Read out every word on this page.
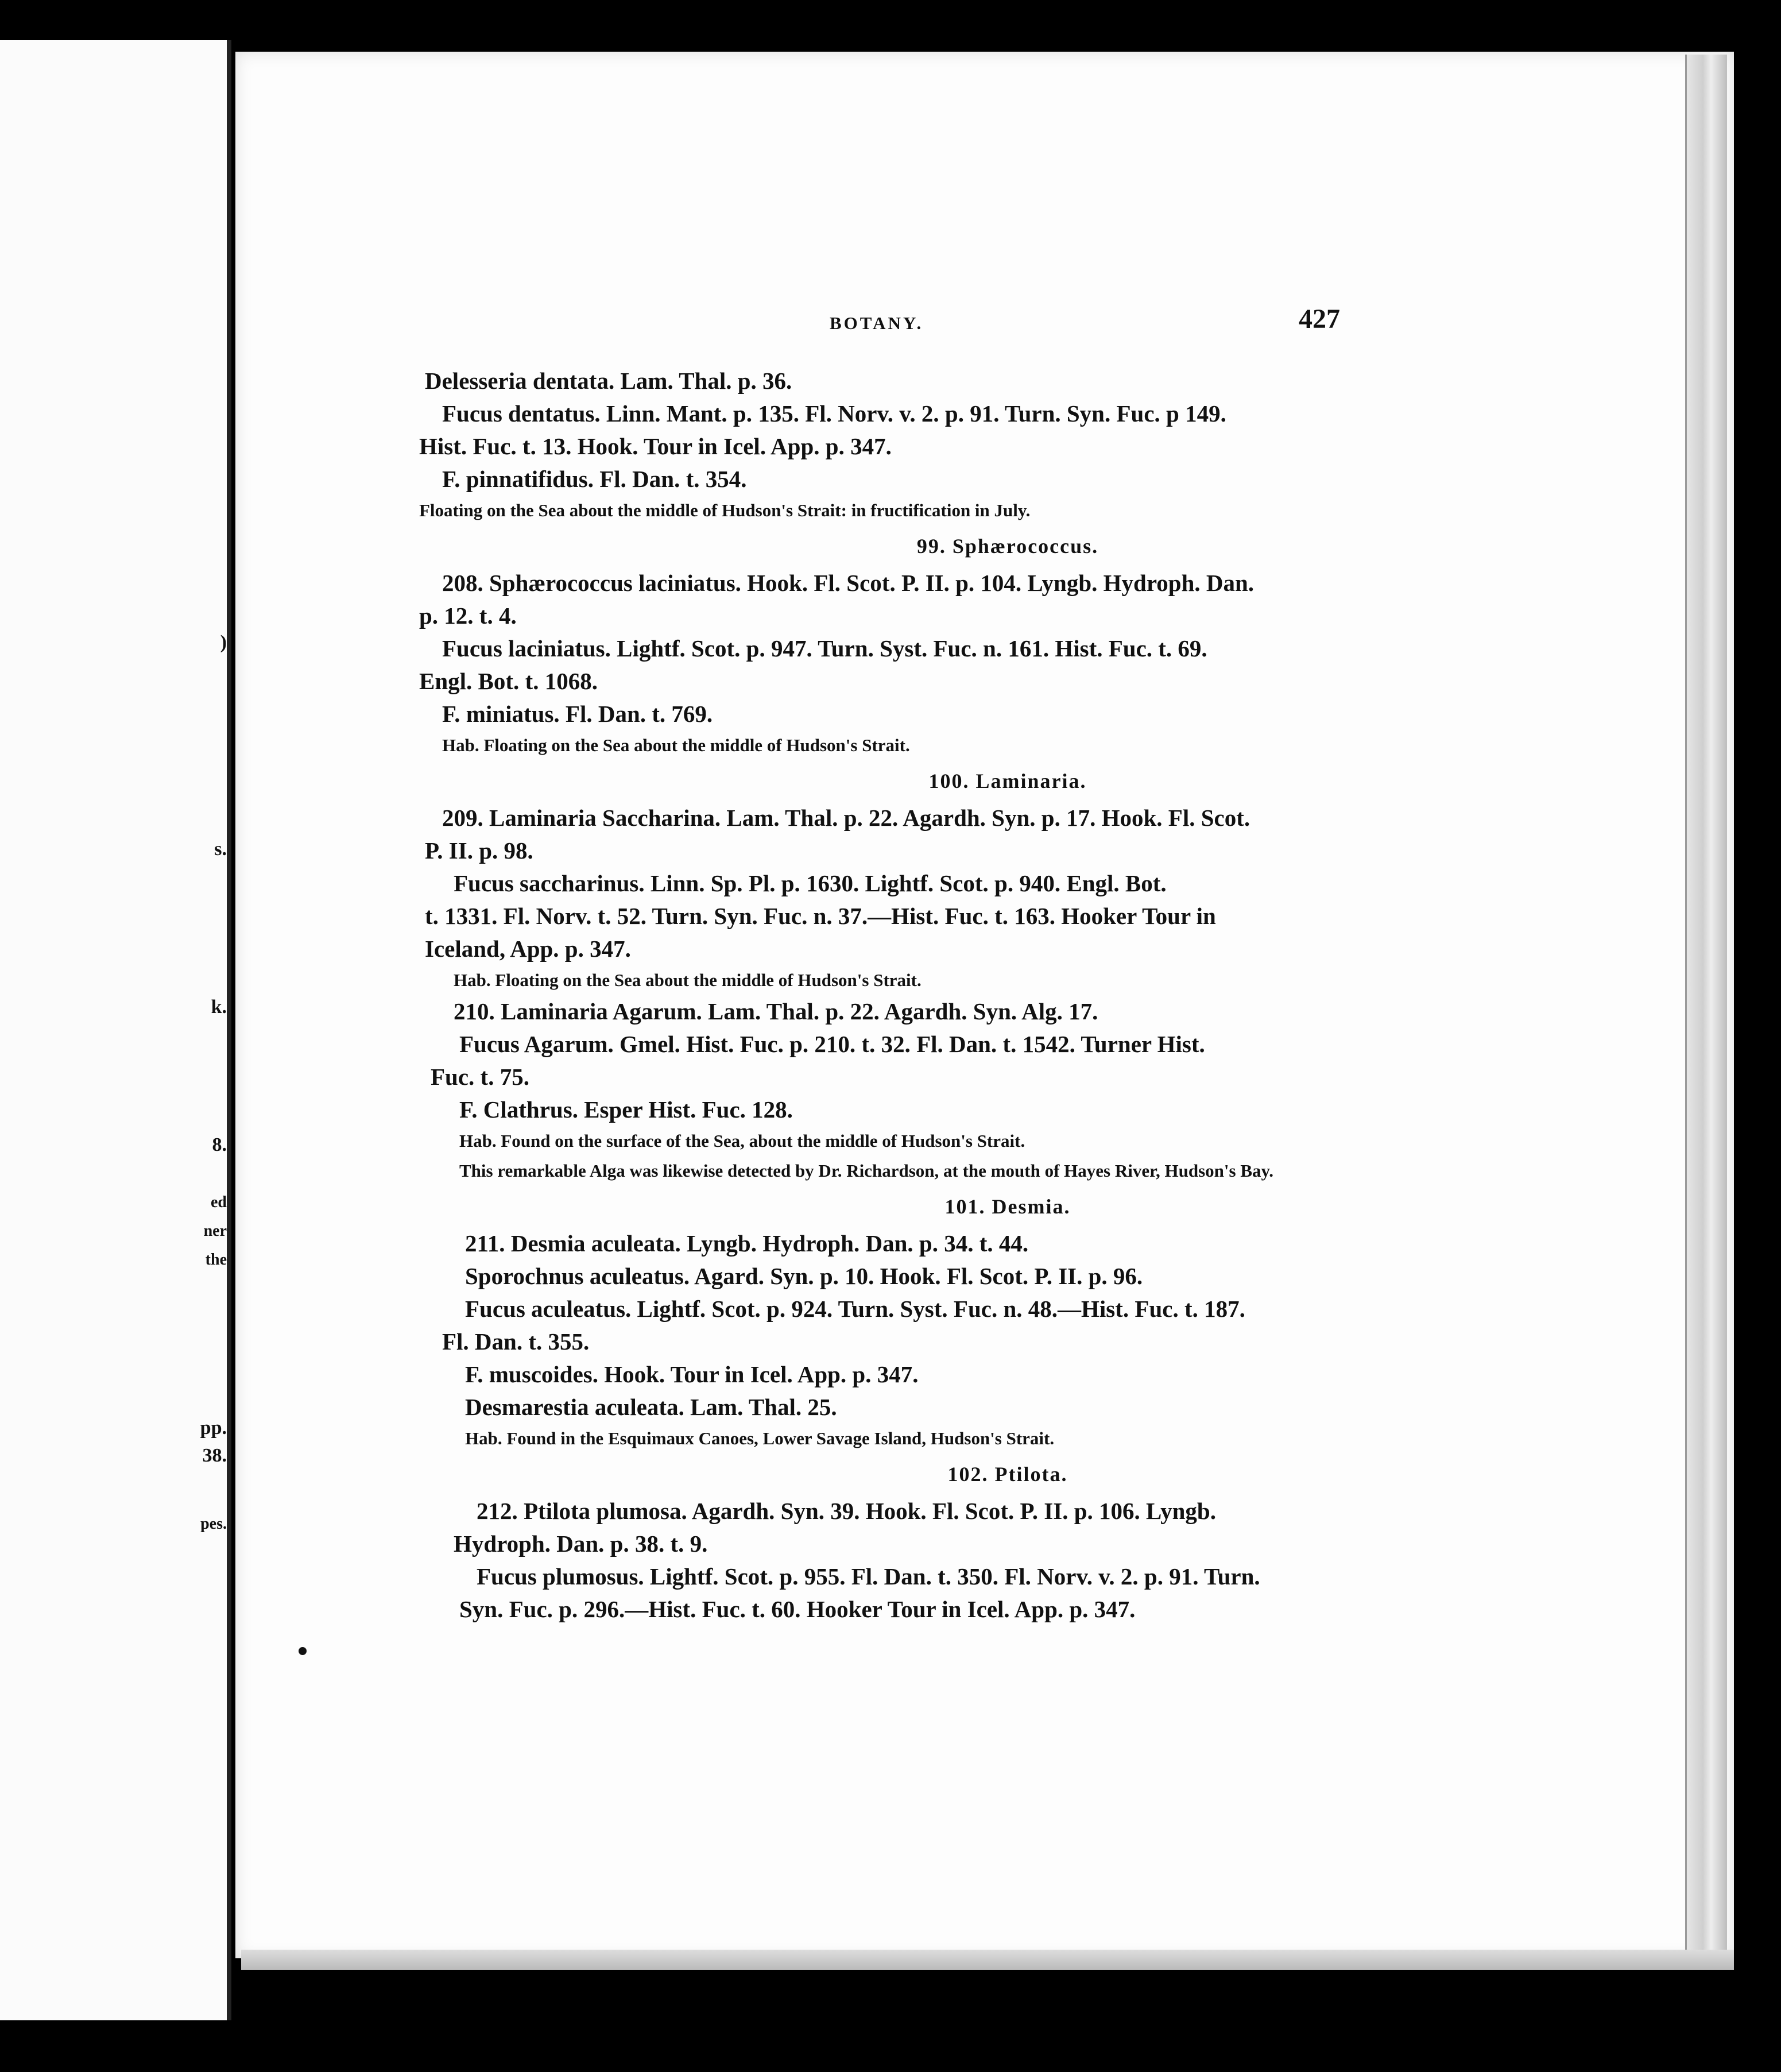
)
s.
k.
8.
ed
ner
the
pp.
38.
pes.
BOTANY.	427
Delesseria dentata. Lam. Thal. p. 36.
Fucus dentatus. Linn. Mant. p. 135. Fl. Norv. v. 2. p. 91. Turn. Syn. Fuc. p 149.
Hist. Fuc. t. 13. Hook. Tour in Icel. App. p. 347.
F. pinnatifidus. Fl. Dan. t. 354.
Floating on the Sea about the middle of Hudson's Strait: in fructification in July.
99. Sphærococcus.
208. Sphærococcus laciniatus. Hook. Fl. Scot. P. II. p. 104. Lyngb. Hydroph. Dan.
p. 12. t. 4.
Fucus laciniatus. Lightf. Scot. p. 947. Turn. Syst. Fuc. n. 161. Hist. Fuc. t. 69.
Engl. Bot. t. 1068.
F. miniatus. Fl. Dan. t. 769.
Hab. Floating on the Sea about the middle of Hudson's Strait.
100. Laminaria.
209. Laminaria Saccharina. Lam. Thal. p. 22. Agardh. Syn. p. 17. Hook. Fl. Scot.
P. II. p. 98.
Fucus saccharinus. Linn. Sp. Pl. p. 1630. Lightf. Scot. p. 940. Engl. Bot.
t. 1331. Fl. Norv. t. 52. Turn. Syn. Fuc. n. 37.—Hist. Fuc. t. 163. Hooker Tour in
Iceland, App. p. 347.
Hab. Floating on the Sea about the middle of Hudson's Strait.
210. Laminaria Agarum. Lam. Thal. p. 22. Agardh. Syn. Alg. 17.
Fucus Agarum. Gmel. Hist. Fuc. p. 210. t. 32. Fl. Dan. t. 1542. Turner Hist.
Fuc. t. 75.
F. Clathrus. Esper Hist. Fuc. 128.
Hab. Found on the surface of the Sea, about the middle of Hudson's Strait.
This remarkable Alga was likewise detected by Dr. Richardson, at the mouth of Hayes River, Hudson's Bay.
101. Desmia.
211. Desmia aculeata. Lyngb. Hydroph. Dan. p. 34. t. 44.
Sporochnus aculeatus. Agard. Syn. p. 10. Hook. Fl. Scot. P. II. p. 96.
Fucus aculeatus. Lightf. Scot. p. 924. Turn. Syst. Fuc. n. 48.—Hist. Fuc. t. 187.
Fl. Dan. t. 355.
F. muscoides. Hook. Tour in Icel. App. p. 347.
Desmarestia aculeata. Lam. Thal. 25.
Hab. Found in the Esquimaux Canoes, Lower Savage Island, Hudson's Strait.
102. Ptilota.
212. Ptilota plumosa. Agardh. Syn. 39. Hook. Fl. Scot. P. II. p. 106. Lyngb.
Hydroph. Dan. p. 38. t. 9.
Fucus plumosus. Lightf. Scot. p. 955. Fl. Dan. t. 350. Fl. Norv. v. 2. p. 91. Turn.
Syn. Fuc. p. 296.—Hist. Fuc. t. 60. Hooker Tour in Icel. App. p. 347.
